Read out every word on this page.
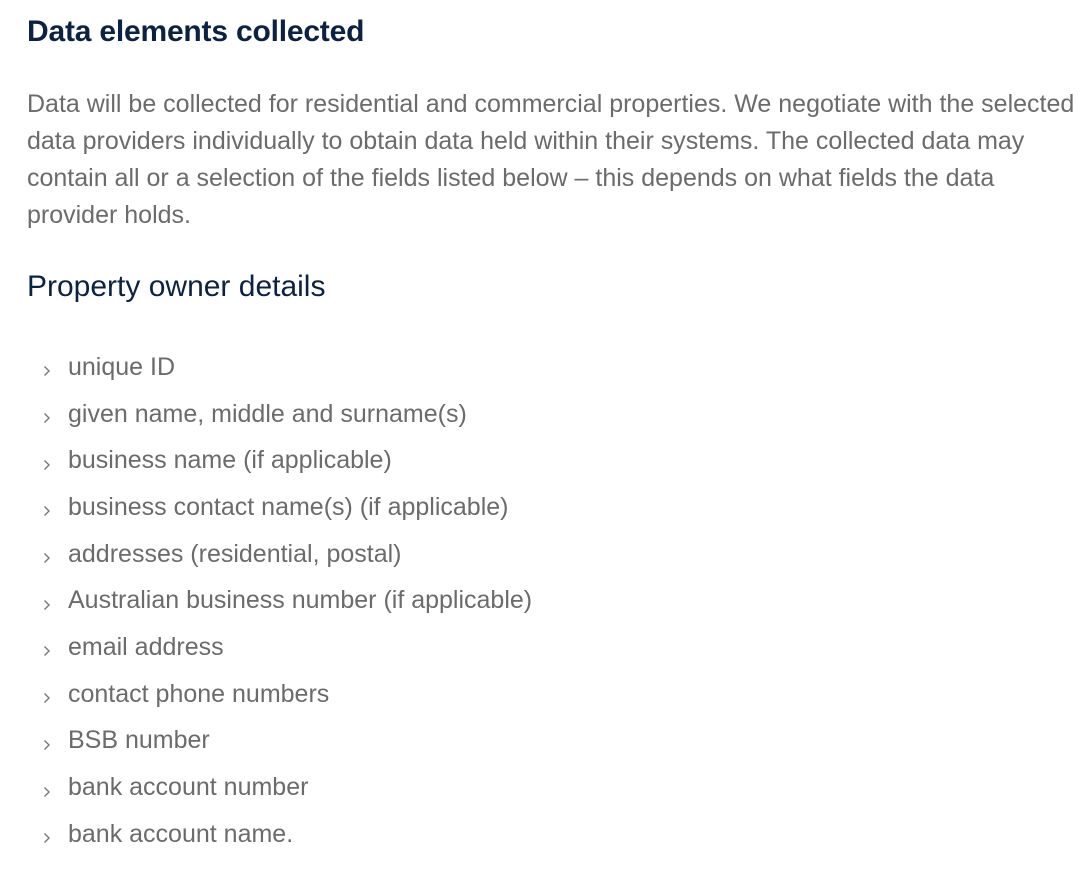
Data elements collected

Data will be collected for residential and commercial properties. We negotiate with the selected data providers individually to obtain data held within their systems. The collected data may contain all or a selection of the fields listed below – this depends on what fields the data provider holds.

Property owner details
unique ID
given name, middle and surname(s)
business name (if applicable)
business contact name(s) (if applicable)
addresses (residential, postal)
Australian business number (if applicable)
email address
contact phone numbers
BSB number
bank account number
bank account name.
